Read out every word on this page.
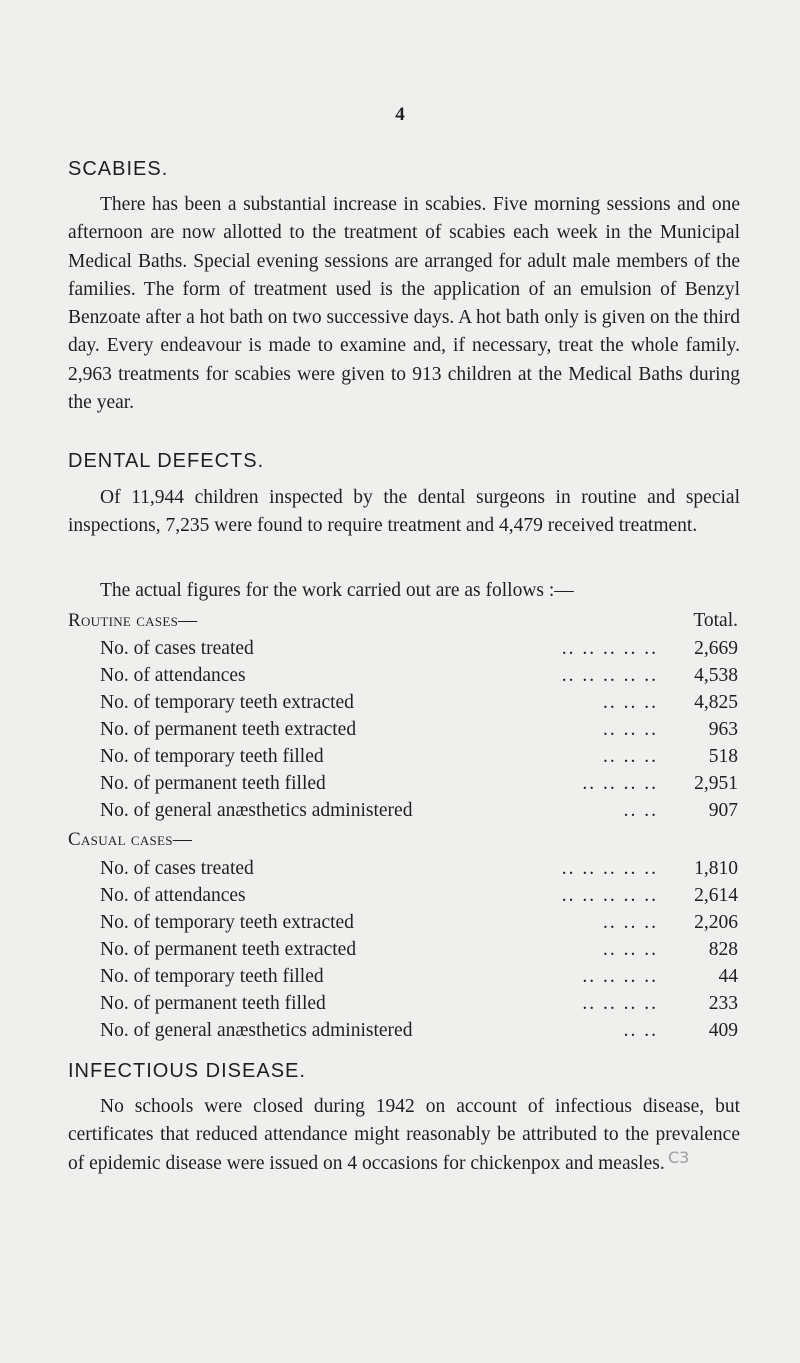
4
SCABIES.
There has been a substantial increase in scabies. Five morning sessions and one afternoon are now allotted to the treatment of scabies each week in the Municipal Medical Baths. Special evening sessions are arranged for adult male members of the families. The form of treatment used is the application of an emulsion of Benzyl Benzoate after a hot bath on two successive days. A hot bath only is given on the third day. Every endeavour is made to examine and, if necessary, treat the whole family. 2,963 treatments for scabies were given to 913 children at the Medical Baths during the year.
DENTAL DEFECTS.
Of 11,944 children inspected by the dental surgeons in routine and special inspections, 7,235 were found to require treatment and 4,479 received treatment.
The actual figures for the work carried out are as follows :—
Routine cases—	Total.
No. of cases treated	.. .. .. .. ..	2,669
No. of attendances	.. .. .. .. ..	4,538
No. of temporary teeth extracted	.. .. ..	4,825
No. of permanent teeth extracted	.. .. ..	963
No. of temporary teeth filled	.. .. ..	518
No. of permanent teeth filled	.. .. .. ..	2,951
No. of general anæsthetics administered	.. ..	907
Casual cases—
No. of cases treated	.. .. .. .. ..	1,810
No. of attendances	.. .. .. .. ..	2,614
No. of temporary teeth extracted	.. .. ..	2,206
No. of permanent teeth extracted	.. .. ..	828
No. of temporary teeth filled	.. .. .. ..	44
No. of permanent teeth filled	.. .. .. ..	233
No. of general anæsthetics administered	.. ..	409
INFECTIOUS DISEASE.
No schools were closed during 1942 on account of infectious disease, but certificates that reduced attendance might reasonably be attributed to the prevalence of epidemic disease were issued on 4 occasions for chickenpox and measles. C3
